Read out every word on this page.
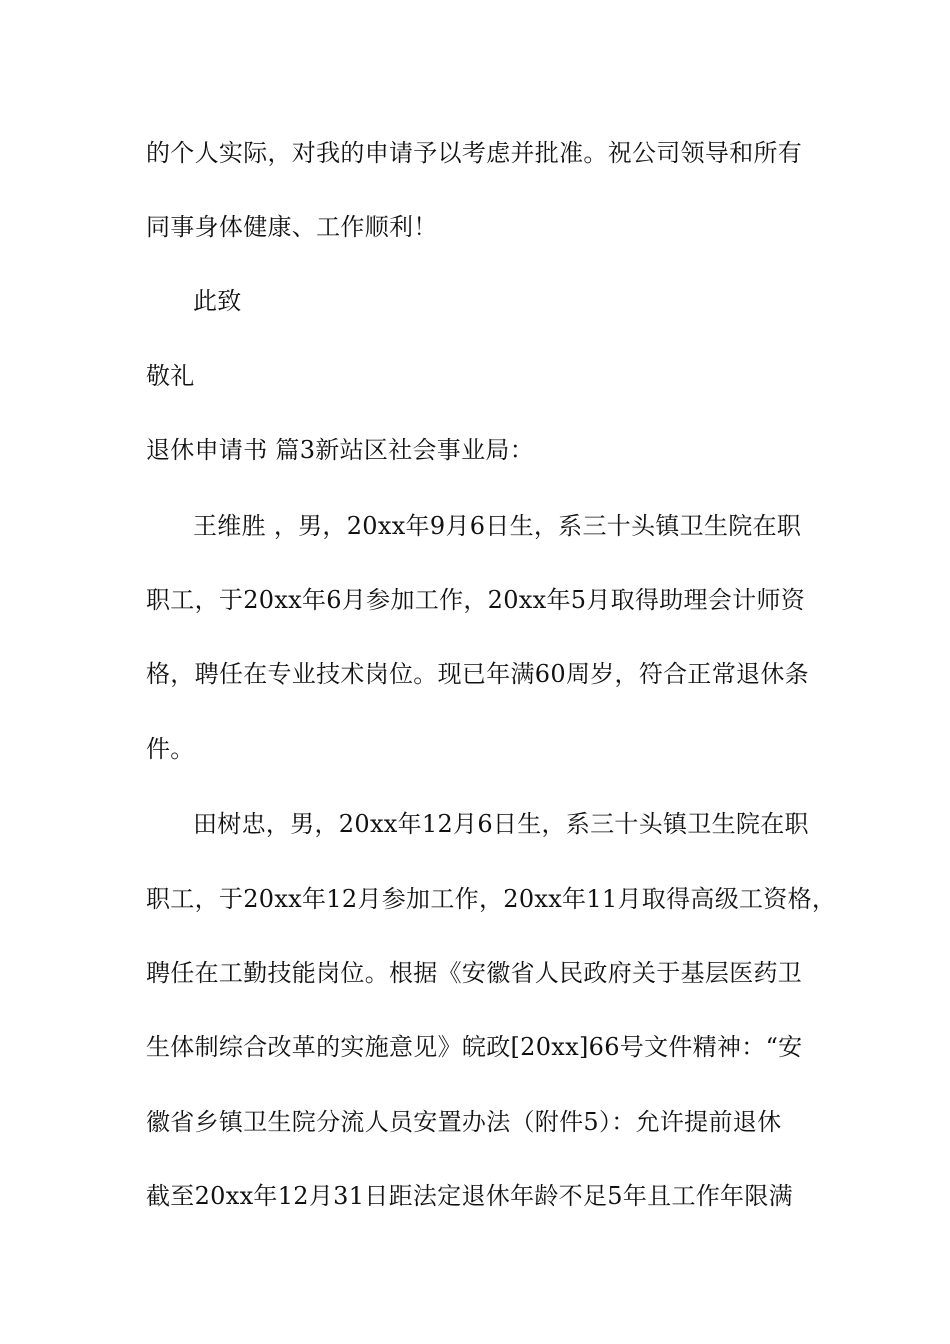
的个人实际，对我的申请予以考虑并批准。祝公司领导和所有
同事身体健康、工作顺利！
此致
敬礼
退休申请书 篇3新站区社会事业局：
王维胜 ，男，20xx年9月6日生，系三十头镇卫生院在职
职工，于20xx年6月参加工作，20xx年5月取得助理会计师资
格，聘任在专业技术岗位。现已年满60周岁，符合正常退休条
件。
田树忠，男，20xx年12月6日生，系三十头镇卫生院在职
职工，于20xx年12月参加工作，20xx年11月取得高级工资格，
聘任在工勤技能岗位。根据《安徽省人民政府关于基层医药卫
生体制综合改革的实施意见》皖政[20xx]66号文件精神：“安
徽省乡镇卫生院分流人员安置办法（附件5）：允许提前退休
截至20xx年12月31日距法定退休年龄不足5年且工作年限满
